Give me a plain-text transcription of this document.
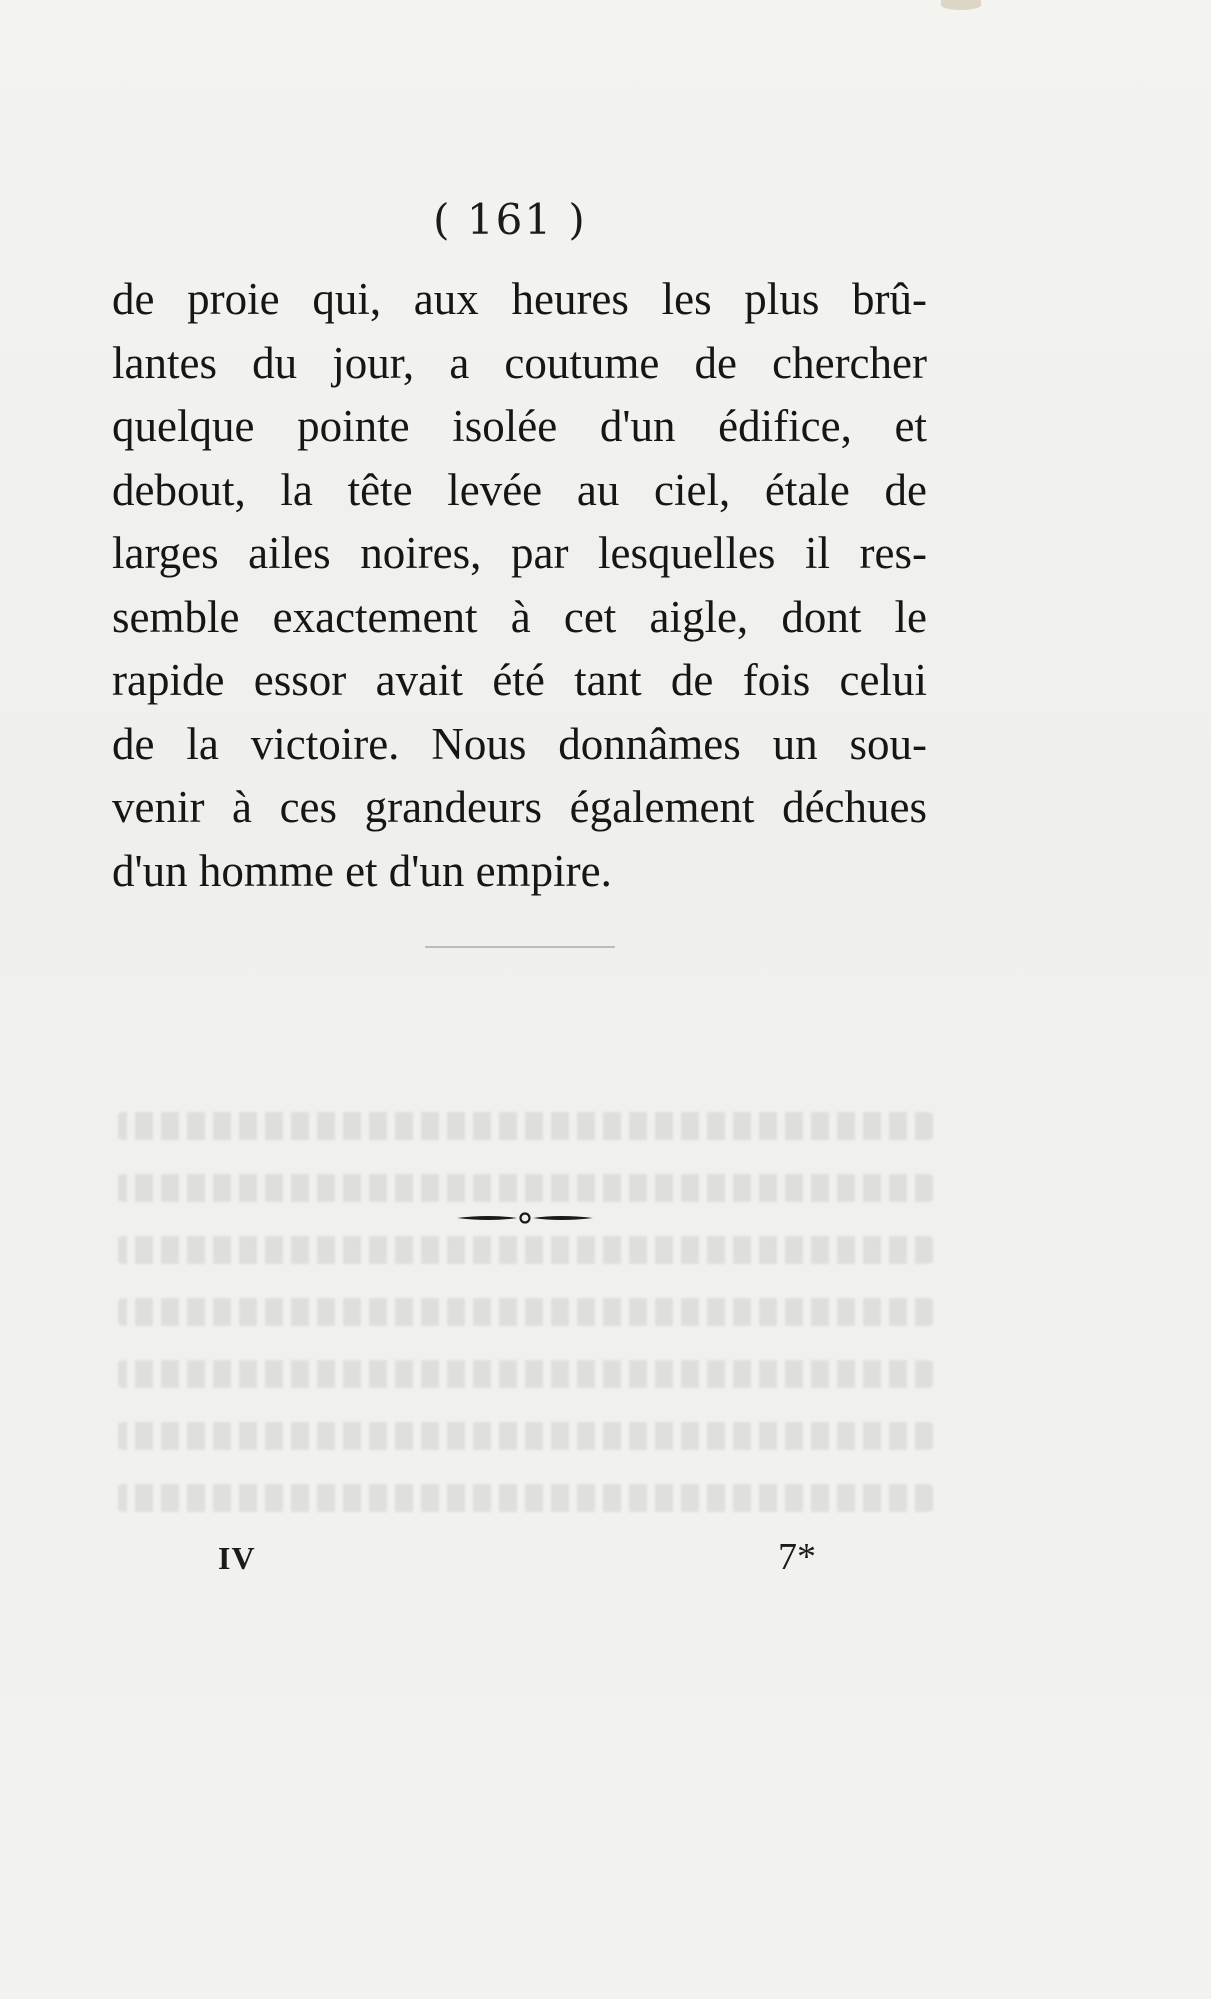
( 161 )
de proie qui, aux heures les plus brû-
lantes du jour, a coutume de chercher
quelque pointe isolée d'un édifice, et
debout, la tête levée au ciel, étale de
larges ailes noires, par lesquelles il res-
semble exactement à cet aigle, dont le
rapide essor avait été tant de fois celui
de la victoire. Nous donnâmes un sou-
venir à ces grandeurs également déchues
d'un homme et d'un empire.
IV	7*
